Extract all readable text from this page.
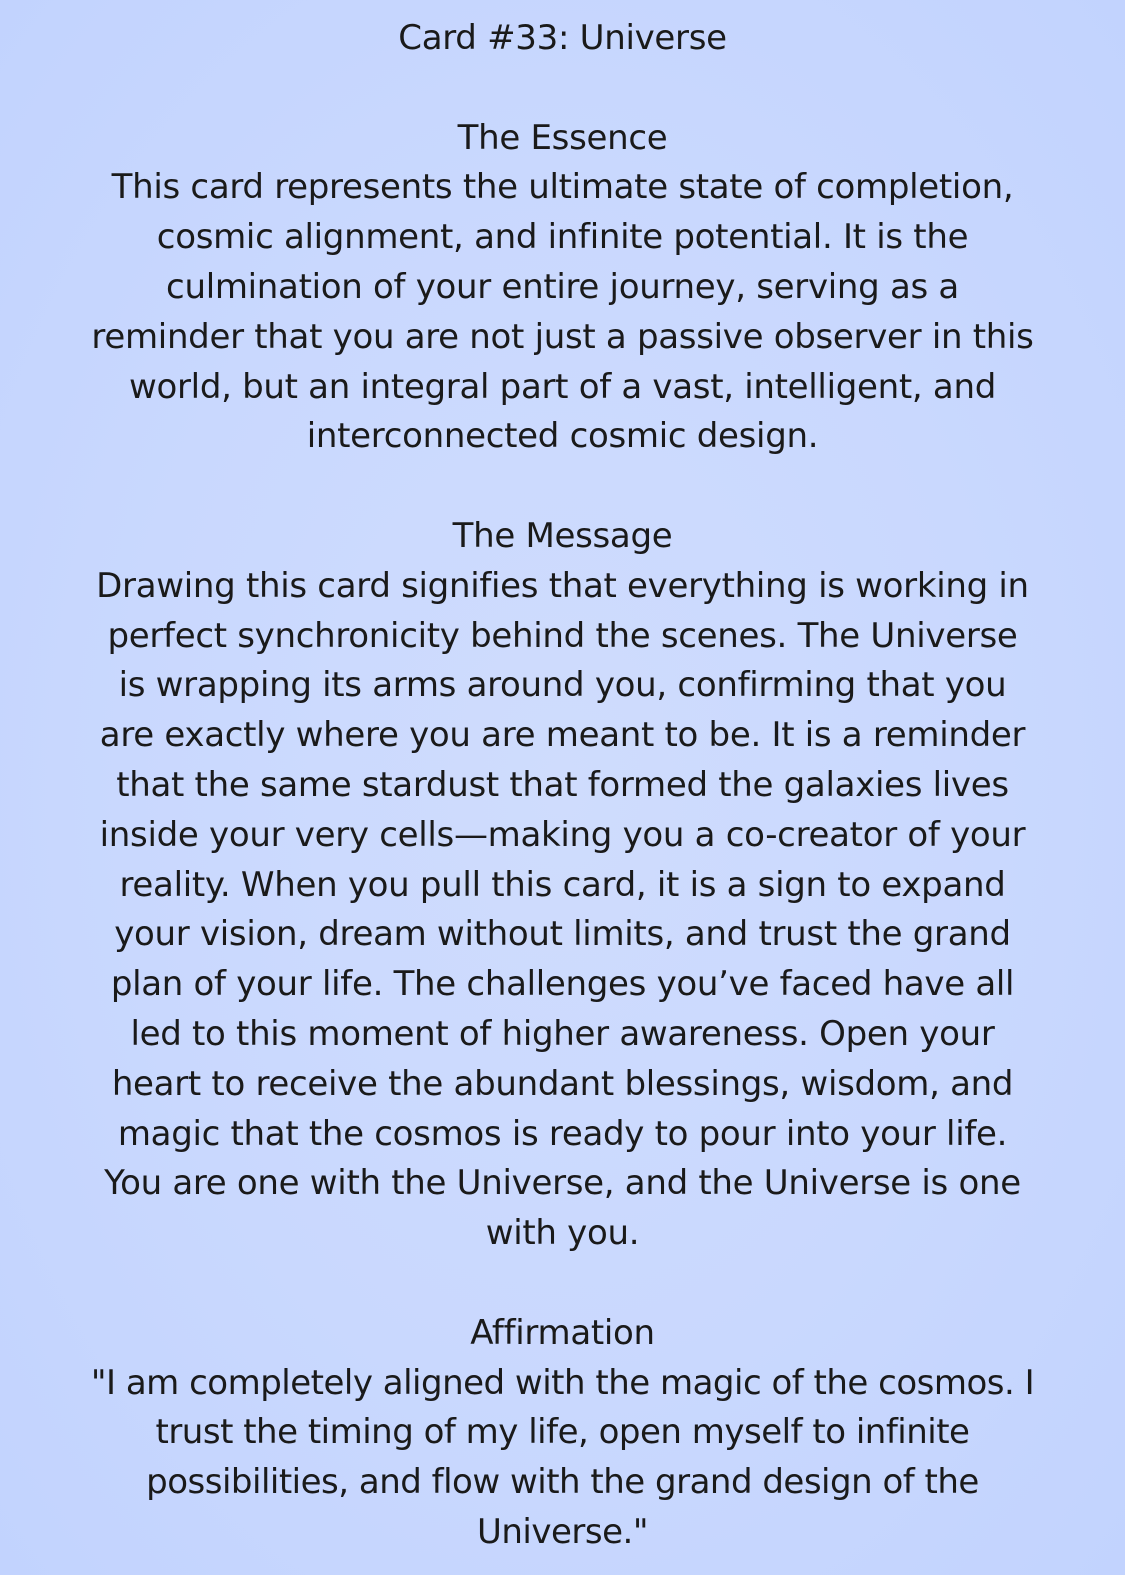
Card #33: Universe
The Essence
This card represents the ultimate state of completion,
cosmic alignment, and infinite potential. It is the
culmination of your entire journey, serving as a
reminder that you are not just a passive observer in this
world, but an integral part of a vast, intelligent, and
interconnected cosmic design.
The Message
Drawing this card signifies that everything is working in
perfect synchronicity behind the scenes. The Universe
is wrapping its arms around you, confirming that you
are exactly where you are meant to be. It is a reminder
that the same stardust that formed the galaxies lives
inside your very cells—making you a co-creator of your
reality. When you pull this card, it is a sign to expand
your vision, dream without limits, and trust the grand
plan of your life. The challenges you’ve faced have all
led to this moment of higher awareness. Open your
heart to receive the abundant blessings, wisdom, and
magic that the cosmos is ready to pour into your life.
You are one with the Universe, and the Universe is one
with you.
Affirmation
"I am completely aligned with the magic of the cosmos. I
trust the timing of my life, open myself to infinite
possibilities, and flow with the grand design of the
Universe."
